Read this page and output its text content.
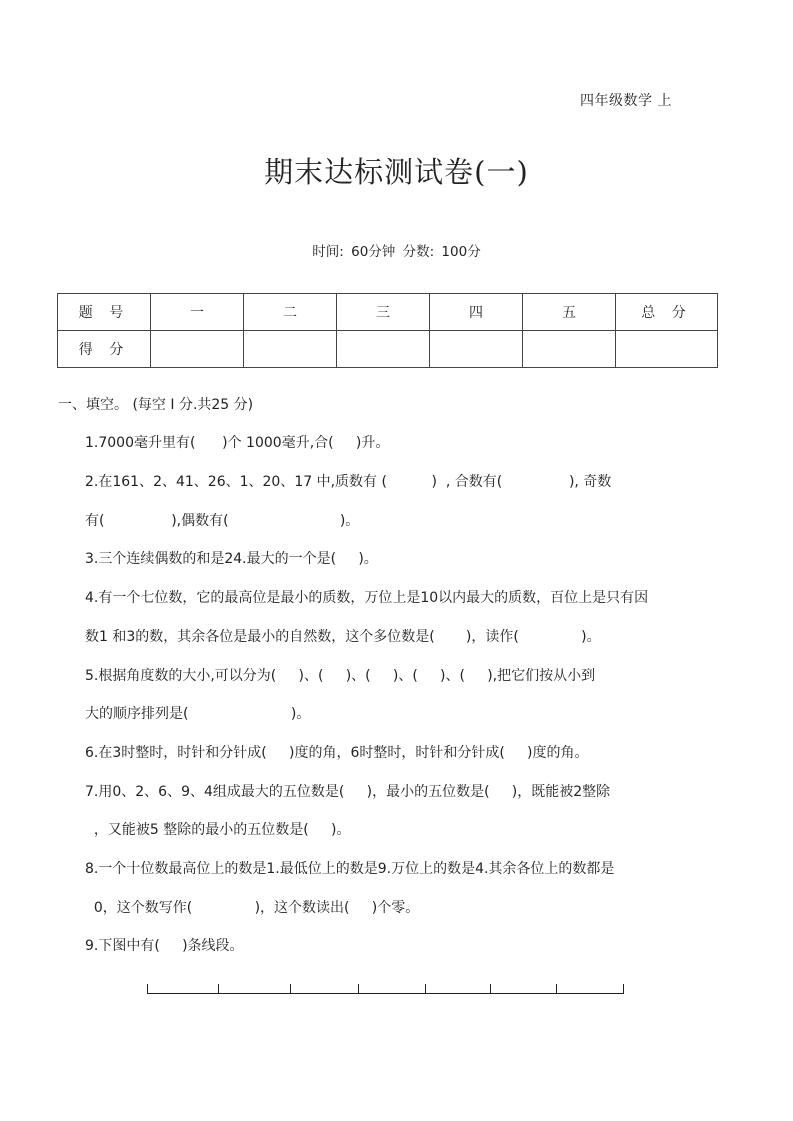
四年级数学 上
期末达标测试卷(一)
时间: 60分钟 分数: 100分
题 号	一	二	三	四	五	总 分
得 分						
一、填空。 (每空 I 分.共25 分)
1.7000毫升里有(      )个 1000毫升,合(     )升。
2.在161、2、41、26、1、20、17 中,质数有 (          )  , 合数有(               ), 奇数
有(               ),偶数有(                         )。
3.三个连续偶数的和是24.最大的一个是(     )。
4.有一个七位数，它的最高位是最小的质数，万位上是10以内最大的质数，百位上是只有因
数1 和3的数，其余各位是最小的自然数，这个多位数是(       )，读作(              )。
5.根据角度数的大小,可以分为(     )、(     )、(     )、(     )、(     ),把它们按从小到
大的顺序排列是(                       )。
6.在3时整时，时针和分针成(     )度的角，6时整时，时针和分针成(     )度的角。
7.用0、2、6、9、4组成最大的五位数是(     )，最小的五位数是(     )，既能被2整除
，又能被5 整除的最小的五位数是(     )。
8.一个十位数最高位上的数是1.最低位上的数是9.万位上的数是4.其余各位上的数都是
0，这个数写作(              )，这个数读出(     )个零。
9.下图中有(     )条线段。
